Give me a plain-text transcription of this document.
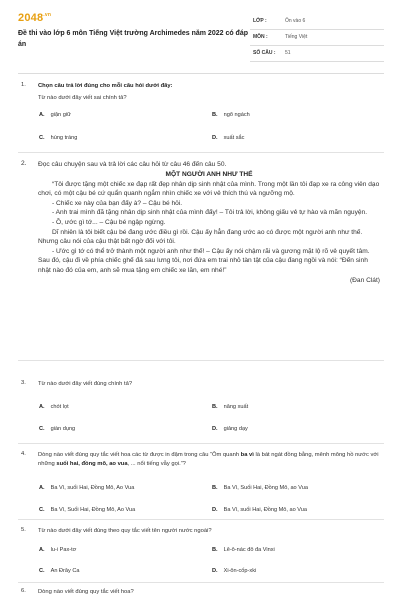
$2048^{.vn}$
Đề thi vào lớp 6 môn Tiếng Việt trường Archimedes năm 2022 có đáp án
LỚP :	Ôn vào 6
MÔN :	Tiếng Việt
SỐ CÂU : 51
1. Chọn câu trả lời đúng cho mỗi câu hỏi dưới đây:
Từ nào dưới đây viết sai chính tả?
A. giặn giữ	B. ngõ ngách
C. hùng tráng	D. xuất sắc
2. Đọc câu chuyện sau và trả lời các câu hỏi từ câu 46 đến câu 50.
MỘT NGƯỜI ANH NHƯ THẾ

“Tôi được tặng một chiếc xe đạp rất đẹp nhân dịp sinh nhật của mình. Trong một lần tôi đạp xe ra công viên dạo chơi, có một cậu bé cứ quẩn quanh ngắm nhìn chiếc xe với vẻ thích thú và ngưỡng mộ.

- Chiếc xe này của bạn đấy à? – Cậu bé hỏi.

- Anh trai mình đã tặng nhân dịp sinh nhật của mình đấy! – Tôi trả lời, không giấu vẻ tự hào và mãn nguyện.

- Ồ, ước gì tớ... – Cậu bé ngập ngừng.

Dĩ nhiên là tôi biết cậu bé đang ước điều gì rồi. Cậu ấy hẳn đang ước ao có được một người anh như thế. Nhưng câu nói của cậu thật bất ngờ đối với tôi.

- Ước gì tớ có thể trở thành một người anh như thế! – Cậu ấy nói chậm rãi và gương mặt lộ rõ vẻ quyết tâm. Sau đó, cậu đi về phía chiếc ghế đá sau lưng tôi, nơi đứa em trai nhỏ tàn tật của cậu đang ngồi và nói: “Đến sinh nhật nào đó của em, anh sẽ mua tặng em chiếc xe lăn, em nhé!”

(Đan Clát)
3. Từ nào dưới đây viết đúng chính tả?
A. chót lọt	B. nâng xuất
C. giàn dụng	D. giảng dạy
4. Dòng nào viết đúng quy tắc viết hoa các từ được in đậm trong câu “Ôm quanh ba vì là bát ngát đồng bằng, mênh mông hồ nước với những suối hai, đồng mô, ao vua, ... nổi tiếng vẫy gọi.”?
A. Ba Vì, suối Hai, Đồng Mô, Ao Vua	B. Ba Vì, Suối Hai, Đồng Mô, ao Vua
C. Ba Vì, Suối Hai, Đồng Mô, Ao Vua	D. Ba Vì, suối Hai, Đồng Mô, ao Vua
5. Từ nào dưới đây viết đúng theo quy tắc viết tên người nước ngoài?
A. lu-i Pax-tơ	B. Lê-ô-nác đô đa Vinxi
C. An Đrây Ca	D. Xi-ôn-cốp-xki
6. Dòng nào viết đúng quy tắc viết hoa?
